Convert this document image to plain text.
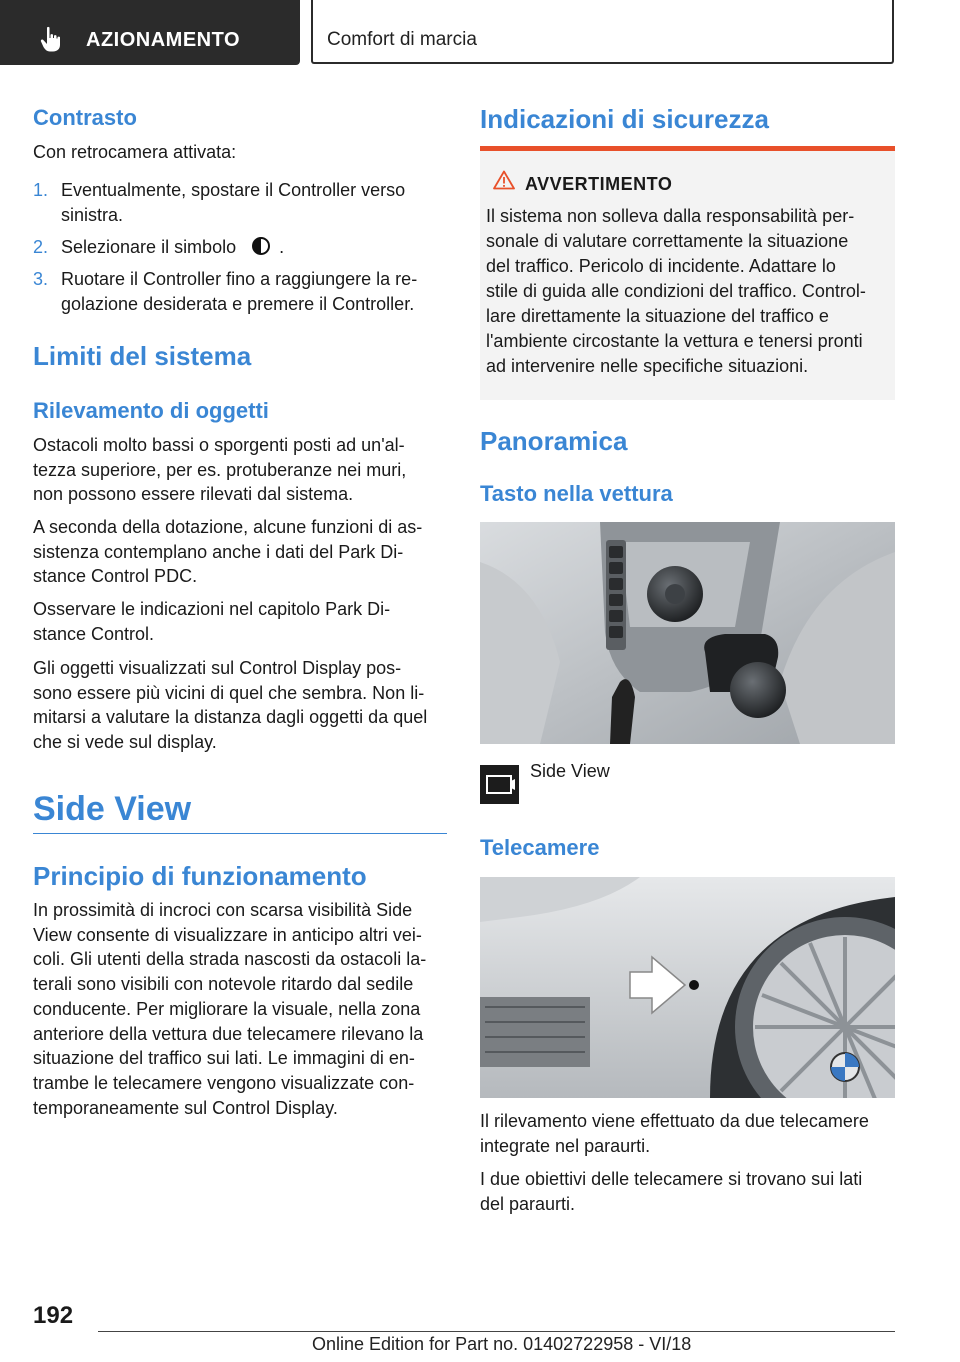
AZIONAMENTO	Comfort di marcia
Contrasto

Con retrocamera attivata:

1. Eventualmente, spostare il Controller verso
sinistra.
2. Selezionare il simbolo .
3. Ruotare il Controller fino a raggiungere la re-
golazione desiderata e premere il Controller.
Limiti del sistema
Rilevamento di oggetti

Ostacoli molto bassi o sporgenti posti ad un'al-
tezza superiore, per es. protuberanze nei muri,
non possono essere rilevati dal sistema.

A seconda della dotazione, alcune funzioni di as-
sistenza contemplano anche i dati del Park Di-
stance Control PDC.

Osservare le indicazioni nel capitolo Park Di-
stance Control.

Gli oggetti visualizzati sul Control Display pos-
sono essere più vicini di quel che sembra. Non li-
mitarsi a valutare la distanza dagli oggetti da quel
che si vede sul display.

Side View
Principio di funzionamento

In prossimità di incroci con scarsa visibilità Side
View consente di visualizzare in anticipo altri vei-
coli. Gli utenti della strada nascosti da ostacoli la-
terali sono visibili con notevole ritardo dal sedile
conducente. Per migliorare la visuale, nella zona
anteriore della vettura due telecamere rilevano la
situazione del traffico sui lati. Le immagini di en-
trambe le telecamere vengono visualizzate con-
temporaneamente sul Control Display.

Indicazioni di sicurezza
AVVERTIMENTO

Il sistema non solleva dalla responsabilità per-
sonale di valutare correttamente la situazione
del traffico. Pericolo di incidente. Adattare lo
stile di guida alle condizioni del traffico. Control-
lare direttamente la situazione del traffico e
l'ambiente circostante la vettura e tenersi pronti
ad intervenire nelle specifiche situazioni.

Panoramica
Tasto nella vettura
Side View
Telecamere

Il rilevamento viene effettuato da due telecamere
integrate nel paraurti.

I due obiettivi delle telecamere si trovano sui lati
del paraurti.

192
Online Edition for Part no. 01402722958 - VI/18
